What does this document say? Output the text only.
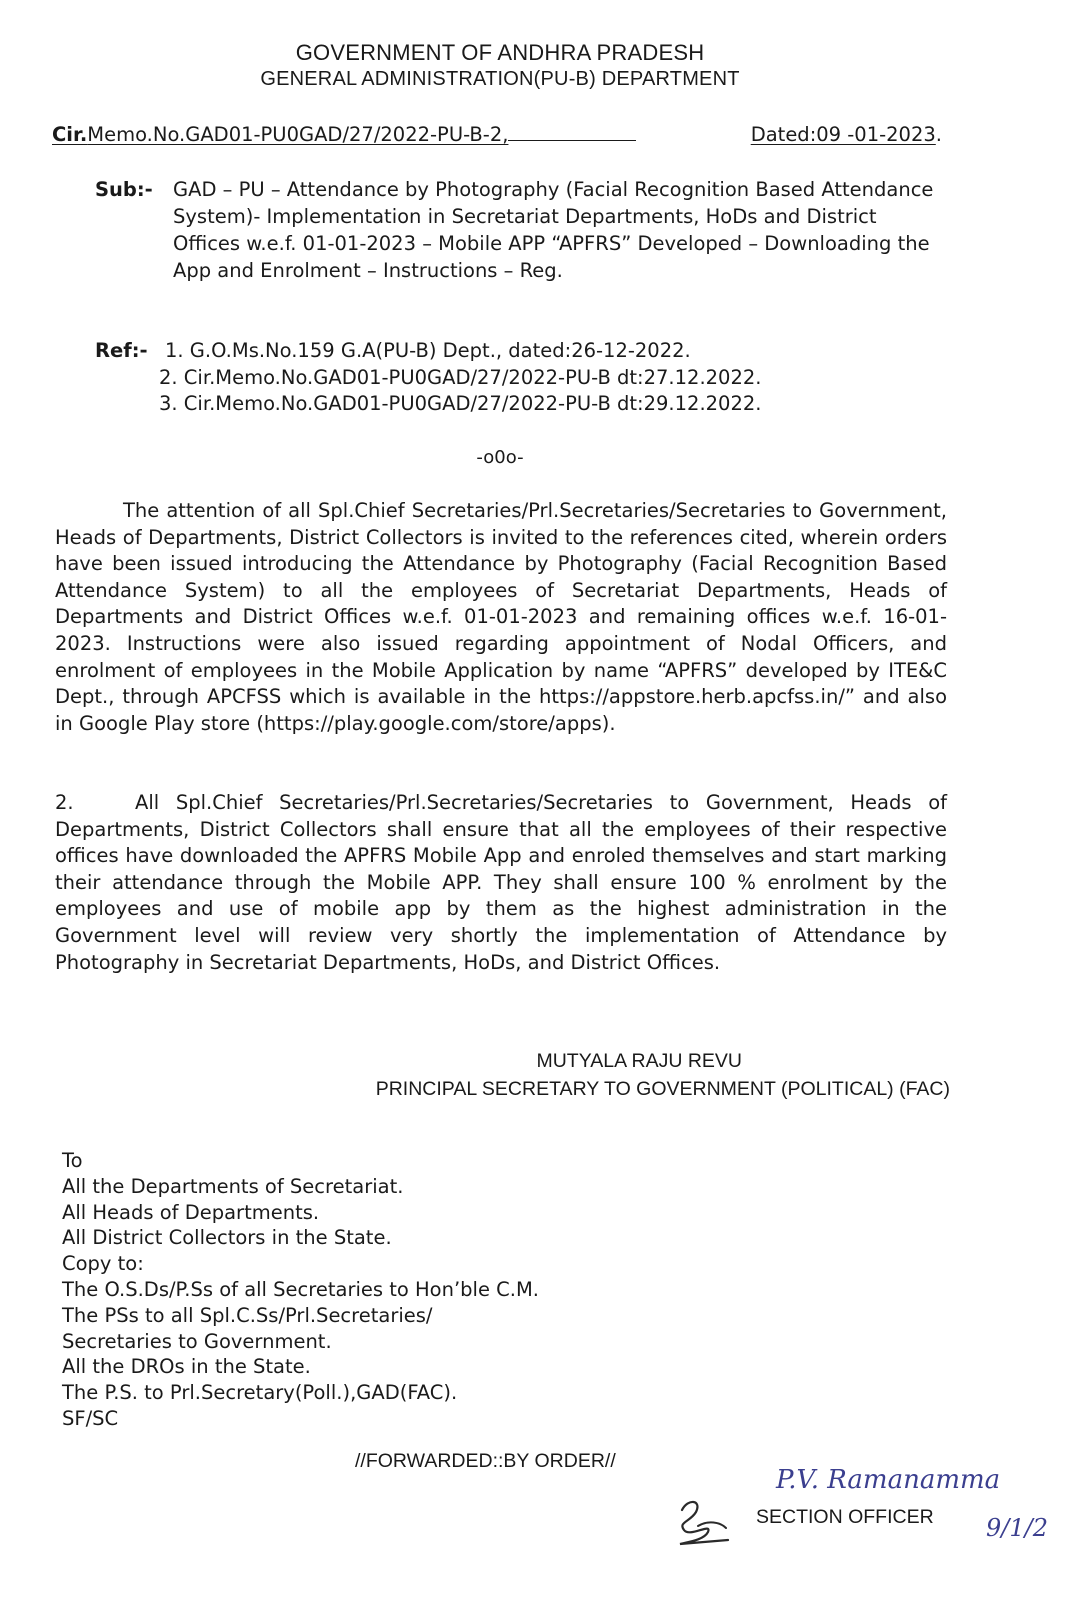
GOVERNMENT OF ANDHRA PRADESH
GENERAL ADMINISTRATION(PU-B) DEPARTMENT
Cir.Memo.No.GAD01-PU0GAD/27/2022-PU-B-2,	Dated:09 -01-2023.
Sub:-	GAD – PU – Attendance by Photography (Facial Recognition Based Attendance System)- Implementation in Secretariat Departments, HoDs and District Offices w.e.f. 01-01-2023 – Mobile APP “APFRS” Developed – Downloading the App and Enrolment – Instructions – Reg.
Ref:- 1. G.O.Ms.No.159 G.A(PU-B) Dept., dated:26-12-2022.
2. Cir.Memo.No.GAD01-PU0GAD/27/2022-PU-B dt:27.12.2022.
3. Cir.Memo.No.GAD01-PU0GAD/27/2022-PU-B dt:29.12.2022.
-o0o-
The attention of all Spl.Chief Secretaries/Prl.Secretaries/Secretaries to Government, Heads of Departments, District Collectors is invited to the references cited, wherein orders have been issued introducing the Attendance by Photography (Facial Recognition Based Attendance System) to all the employees of Secretariat Departments, Heads of Departments and District Offices w.e.f. 01-01-2023 and remaining offices w.e.f. 16-01-2023. Instructions were also issued regarding appointment of Nodal Officers, and enrolment of employees in the Mobile Application by name “APFRS” developed by ITE&C Dept., through APCFSS which is available in the https://appstore.herb.apcfss.in/” and also in Google Play store (https://play.google.com/store/apps).
2.	All Spl.Chief Secretaries/Prl.Secretaries/Secretaries to Government, Heads of Departments, District Collectors shall ensure that all the employees of their respective offices have downloaded the APFRS Mobile App and enroled themselves and start marking their attendance through the Mobile APP. They shall ensure 100 % enrolment by the employees and use of mobile app by them as the highest administration in the Government level will review very shortly the implementation of Attendance by Photography in Secretariat Departments, HoDs, and District Offices.
MUTYALA RAJU REVU
PRINCIPAL SECRETARY TO GOVERNMENT (POLITICAL) (FAC)
To
All the Departments of Secretariat.
All Heads of Departments.
All District Collectors in the State.
Copy to:
The O.S.Ds/P.Ss of all Secretaries to Hon’ble C.M.
The PSs to all Spl.C.Ss/Prl.Secretaries/
Secretaries to Government.
All the DROs in the State.
The P.S. to Prl.Secretary(Poll.),GAD(FAC).
SF/SC
//FORWARDED::BY ORDER//
P.V. Ramanamma
9/1/2
SECTION OFFICER
